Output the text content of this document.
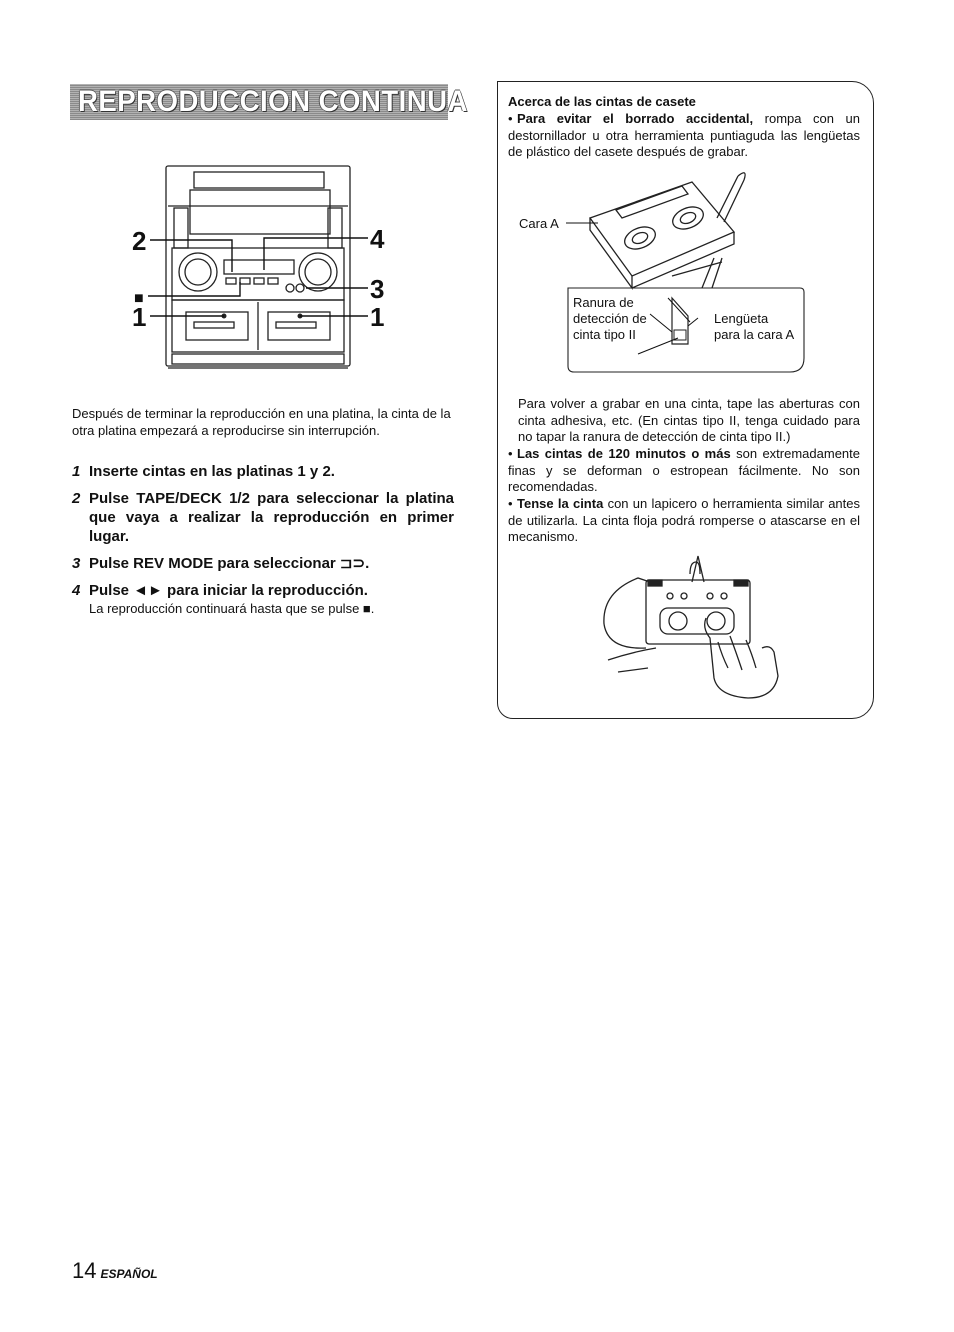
REPRODUCCION CONTINUA
2	4
3
■
1	1

Después de terminar la reproducción en una platina, la cinta de la otra platina empezará a reproducirse sin interrupción.

1 Inserte cintas en las platinas 1 y 2.
2 Pulse TAPE/DECK 1/2 para seleccionar la platina que vaya a realizar la reproducción en primer lugar.
3 Pulse REV MODE para seleccionar ⊐⊃.
4 Pulse ◄► para iniciar la reproducción.
La reproducción continuará hasta que se pulse ■.
Acerca de las cintas de casete

• Para evitar el borrado accidental, rompa con un destornillador u otra herramienta puntiaguda las lengüetas de plástico del casete después de grabar.

Cara A
Ranura de
detección de
cinta tipo II
Lengüeta
para la cara A

Para volver a grabar en una cinta, tape las aberturas con cinta adhesiva, etc. (En cintas tipo II, tenga cuidado para no tapar la ranura de detección de cinta tipo II.)

• Las cintas de 120 minutos o más son extremadamente finas y se deforman o estropean fácilmente. No son recomendadas.

• Tense la cinta con un lapicero o herramienta similar antes de utilizarla. La cinta floja podrá romperse o atascarse en el mecanismo.

14 ESPAÑOL
